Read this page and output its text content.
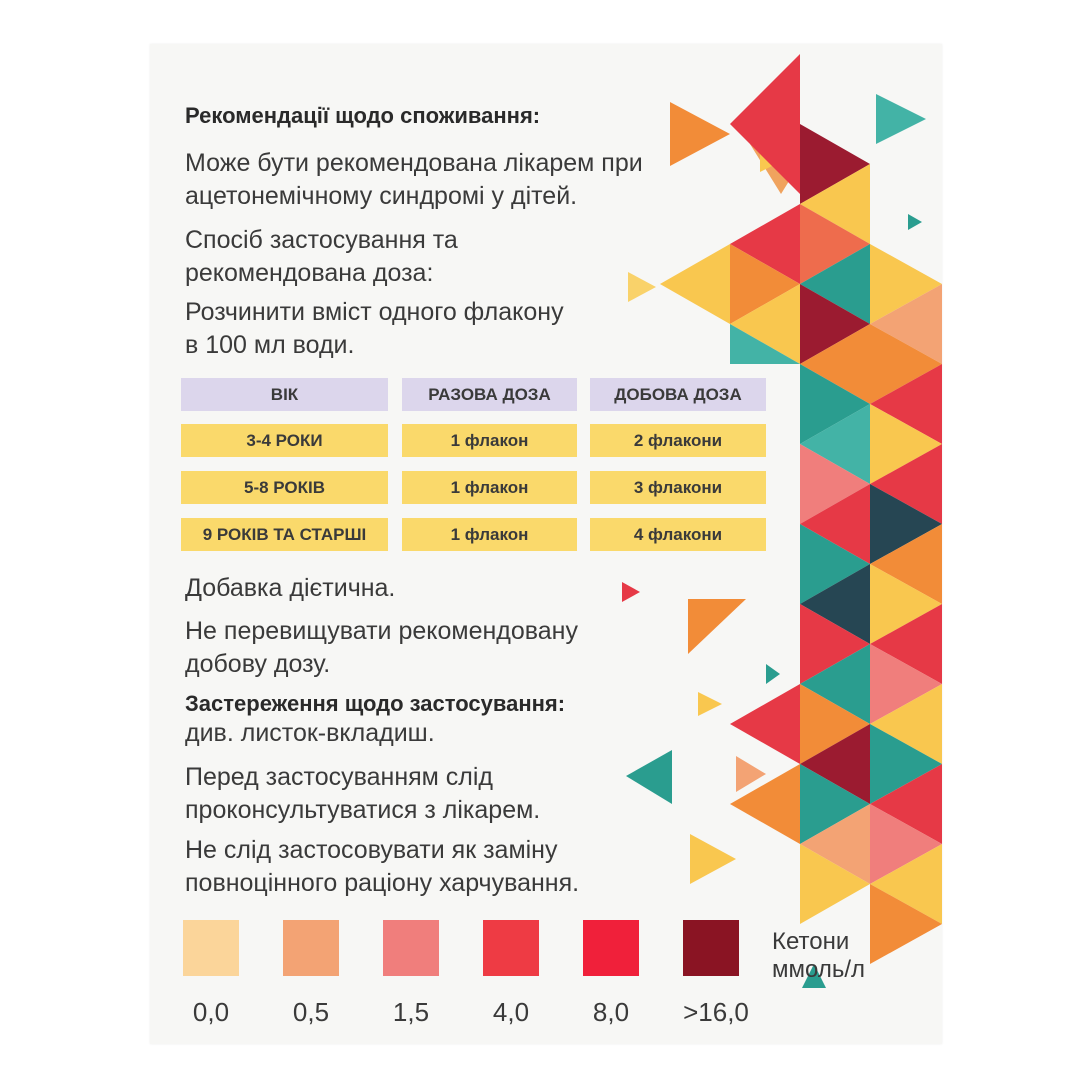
Рекомендації щодо споживання:

Може бути рекомендована лікарем при

ацетонемічному синдромі у дітей.

Спосіб застосування та

рекомендована доза:

Розчинити вміст одного флакону

в 100 мл води.

ВІК	РАЗОВА ДОЗА	ДОБОВА ДОЗА
3-4 РОКИ	1 флакон	2 флакони
5-8 РОКІВ	1 флакон	3 флакони
9 РОКІВ ТА СТАРШІ	1 флакон	4 флакони

Добавка дієтична.

Не перевищувати рекомендовану

добову дозу.

Застереження щодо застосування:

див. листок-вкладиш.

Перед застосуванням слід

проконсультуватися з лікарем.

Не слід застосовувати як заміну

повноцінного раціону харчування.

0,0	0,5	1,5	4,0	8,0	>16,0
Кетони
ммоль/л
